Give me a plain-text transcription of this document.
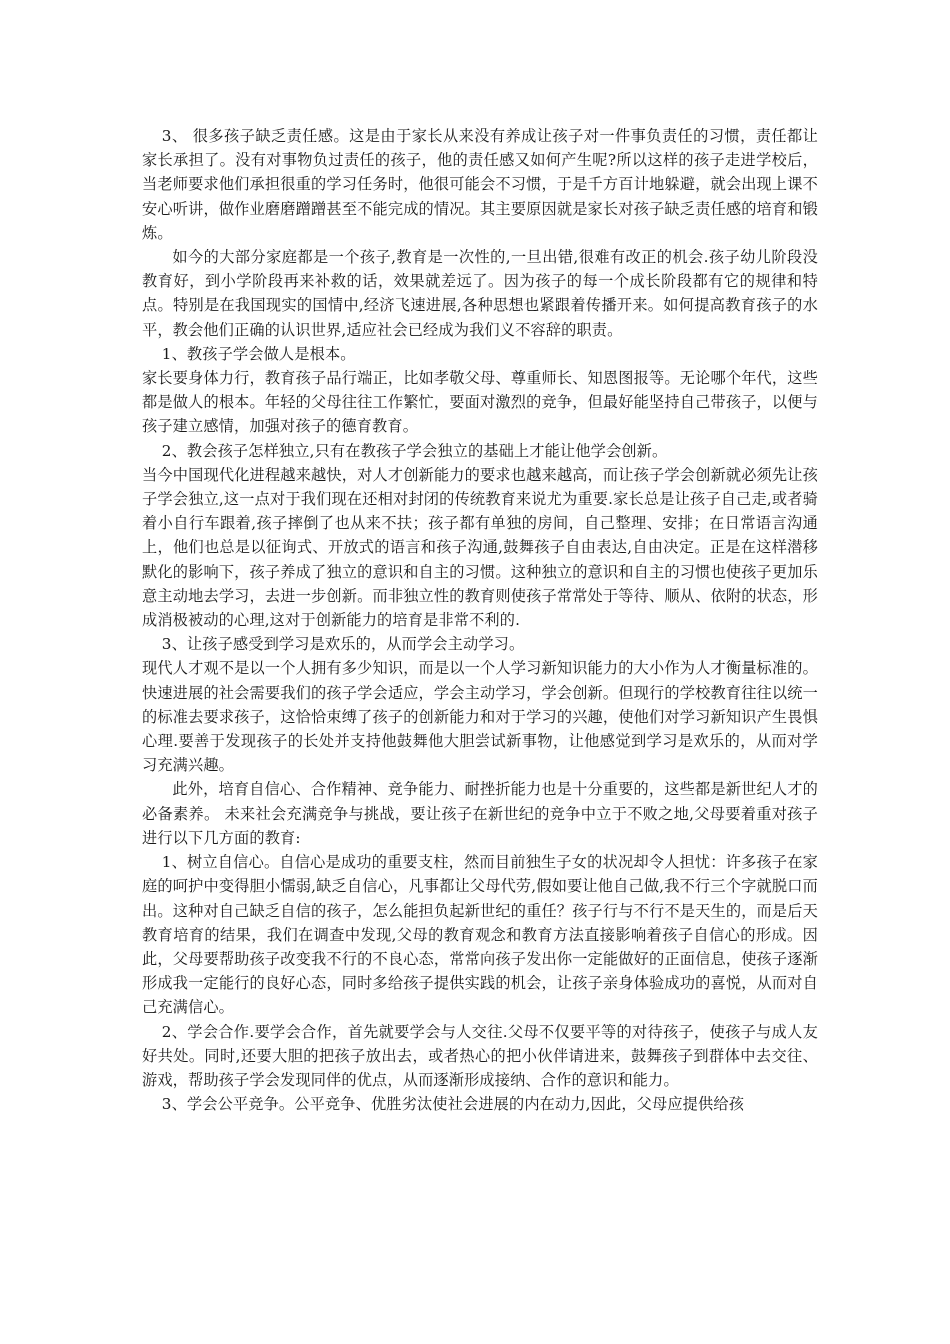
3、 很多孩子缺乏责任感。这是由于家长从来没有养成让孩子对一件事负责任的习惯，责任都让家长承担了。没有对事物负过责任的孩子，他的责任感又如何产生呢?所以这样的孩子走进学校后，当老师要求他们承担很重的学习任务时，他很可能会不习惯，于是千方百计地躲避，就会出现上课不安心听讲，做作业磨磨蹭蹭甚至不能完成的情况。其主要原因就是家长对孩子缺乏责任感的培育和锻炼。

如今的大部分家庭都是一个孩子,教育是一次性的,一旦出错,很难有改正的机会.孩子幼儿阶段没教育好，到小学阶段再来补救的话，效果就差远了。因为孩子的每一个成长阶段都有它的规律和特点。特别是在我国现实的国情中,经济飞速进展,各种思想也紧跟着传播开来。如何提高教育孩子的水平，教会他们正确的认识世界,适应社会已经成为我们义不容辞的职责。

1、教孩子学会做人是根本。

家长要身体力行，教育孩子品行端正，比如孝敬父母、尊重师长、知恩图报等。无论哪个年代，这些都是做人的根本。年轻的父母往往工作繁忙，要面对激烈的竞争，但最好能坚持自己带孩子，以便与孩子建立感情，加强对孩子的德育教育。

2、教会孩子怎样独立,只有在教孩子学会独立的基础上才能让他学会创新。

当今中国现代化进程越来越快，对人才创新能力的要求也越来越高，而让孩子学会创新就必须先让孩子学会独立,这一点对于我们现在还相对封闭的传统教育来说尤为重要.家长总是让孩子自己走,或者骑着小自行车跟着,孩子摔倒了也从来不扶；孩子都有单独的房间，自己整理、安排；在日常语言沟通上，他们也总是以征询式、开放式的语言和孩子沟通,鼓舞孩子自由表达,自由决定。正是在这样潜移默化的影响下，孩子养成了独立的意识和自主的习惯。这种独立的意识和自主的习惯也使孩子更加乐意主动地去学习，去进一步创新。而非独立性的教育则使孩子常常处于等待、顺从、依附的状态，形成消极被动的心理,这对于创新能力的培育是非常不利的.

3、让孩子感受到学习是欢乐的，从而学会主动学习。

现代人才观不是以一个人拥有多少知识，而是以一个人学习新知识能力的大小作为人才衡量标准的。快速进展的社会需要我们的孩子学会适应，学会主动学习，学会创新。但现行的学校教育往往以统一的标准去要求孩子，这恰恰束缚了孩子的创新能力和对于学习的兴趣，使他们对学习新知识产生畏惧心理.要善于发现孩子的长处并支持他鼓舞他大胆尝试新事物，让他感觉到学习是欢乐的，从而对学习充满兴趣。

此外，培育自信心、合作精神、竞争能力、耐挫折能力也是十分重要的，这些都是新世纪人才的必备素养。 未来社会充满竞争与挑战，要让孩子在新世纪的竞争中立于不败之地,父母要着重对孩子进行以下几方面的教育:

1、树立自信心。自信心是成功的重要支柱，然而目前独生子女的状况却令人担忧：许多孩子在家庭的呵护中变得胆小懦弱,缺乏自信心，凡事都让父母代劳,假如要让他自己做,我不行三个字就脱口而出。这种对自己缺乏自信的孩子，怎么能担负起新世纪的重任？孩子行与不行不是天生的，而是后天教育培育的结果，我们在调查中发现,父母的教育观念和教育方法直接影响着孩子自信心的形成。因此，父母要帮助孩子改变我不行的不良心态，常常向孩子发出你一定能做好的正面信息，使孩子逐渐形成我一定能行的良好心态，同时多给孩子提供实践的机会，让孩子亲身体验成功的喜悦，从而对自己充满信心。

2、学会合作.要学会合作，首先就要学会与人交往.父母不仅要平等的对待孩子，使孩子与成人友好共处。同时,还要大胆的把孩子放出去，或者热心的把小伙伴请进来，鼓舞孩子到群体中去交往、游戏，帮助孩子学会发现同伴的优点，从而逐渐形成接纳、合作的意识和能力。

3、学会公平竞争。公平竞争、优胜劣汰使社会进展的内在动力,因此，父母应提供给孩
